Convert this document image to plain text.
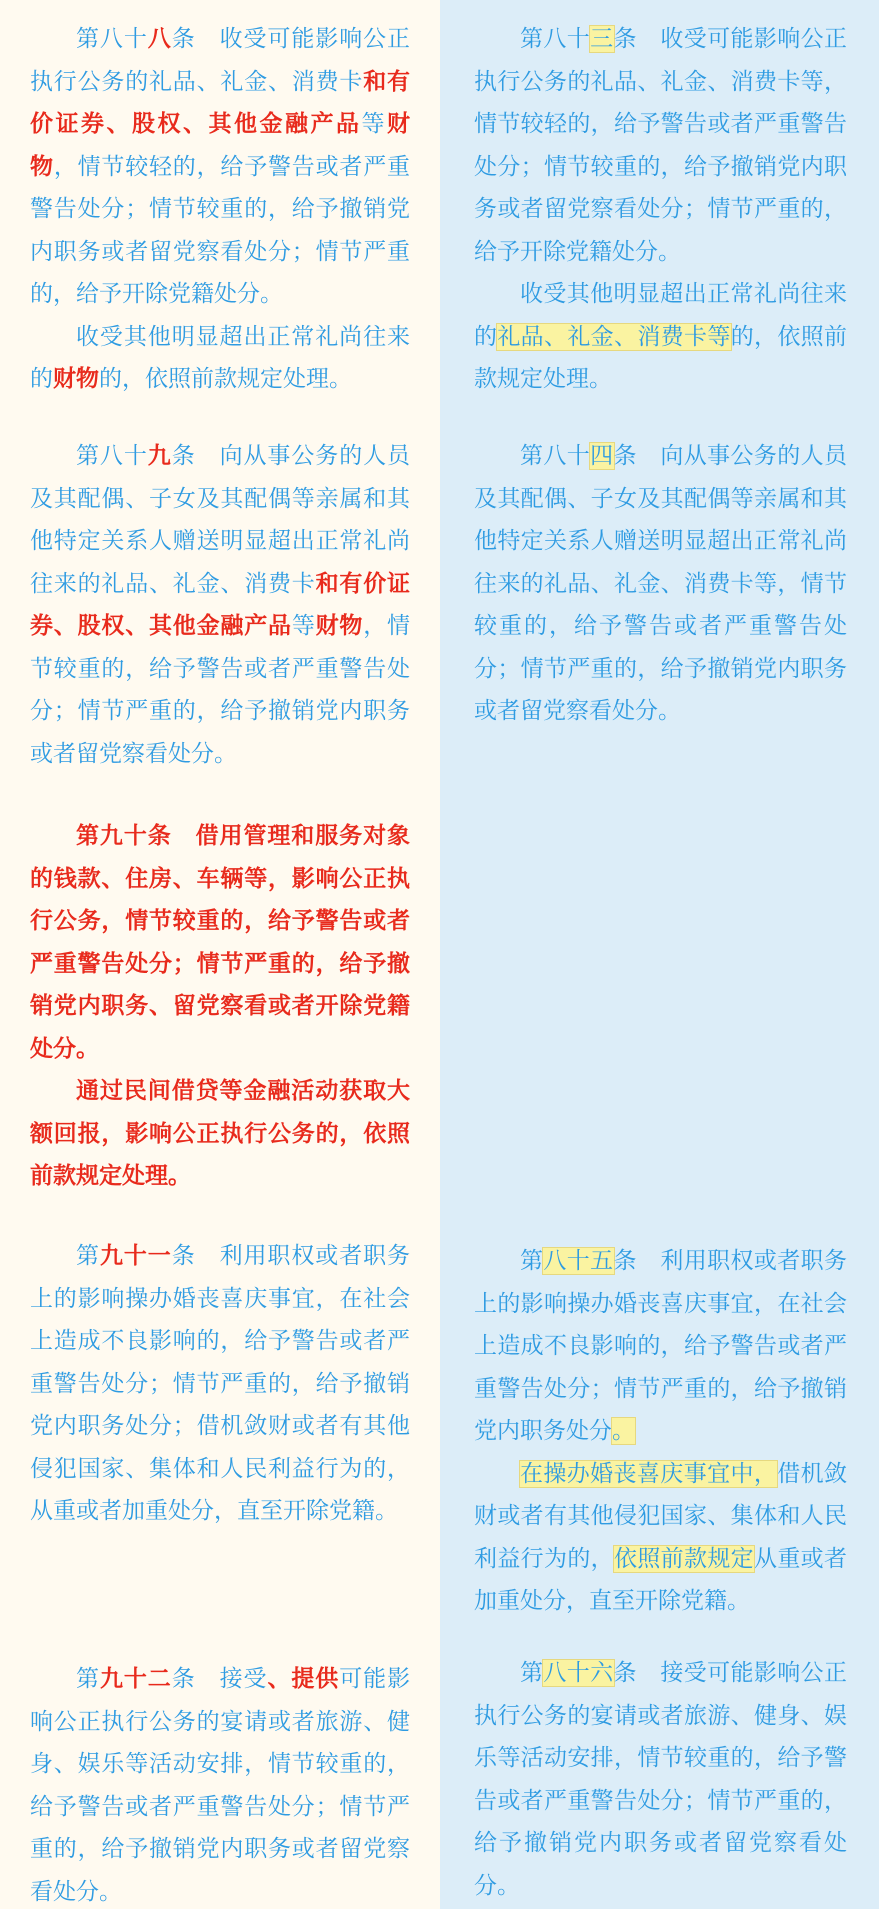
第八十八条　收受可能影响公正执行公务的礼品、礼金、消费卡和有价证券、股权、其他金融产品等财物，情节较轻的，给予警告或者严重警告处分；情节较重的，给予撤销党内职务或者留党察看处分；情节严重的，给予开除党籍处分。

收受其他明显超出正常礼尚往来的财物的，依照前款规定处理。

第八十九条　向从事公务的人员及其配偶、子女及其配偶等亲属和其他特定关系人赠送明显超出正常礼尚往来的礼品、礼金、消费卡和有价证券、股权、其他金融产品等财物，情节较重的，给予警告或者严重警告处分；情节严重的，给予撤销党内职务或者留党察看处分。

第九十条　借用管理和服务对象的钱款、住房、车辆等，影响公正执行公务，情节较重的，给予警告或者严重警告处分；情节严重的，给予撤销党内职务、留党察看或者开除党籍处分。

通过民间借贷等金融活动获取大额回报，影响公正执行公务的，依照前款规定处理。

第九十一条　利用职权或者职务上的影响操办婚丧喜庆事宜，在社会上造成不良影响的，给予警告或者严重警告处分；情节严重的，给予撤销党内职务处分；借机敛财或者有其他侵犯国家、集体和人民利益行为的，从重或者加重处分，直至开除党籍。

第九十二条　接受、提供可能影响公正执行公务的宴请或者旅游、健身、娱乐等活动安排，情节较重的，给予警告或者严重警告处分；情节严重的，给予撤销党内职务或者留党察看处分。

第八十三条　收受可能影响公正执行公务的礼品、礼金、消费卡等，情节较轻的，给予警告或者严重警告处分；情节较重的，给予撤销党内职务或者留党察看处分；情节严重的，给予开除党籍处分。

收受其他明显超出正常礼尚往来的礼品、礼金、消费卡等的，依照前款规定处理。

第八十四条　向从事公务的人员及其配偶、子女及其配偶等亲属和其他特定关系人赠送明显超出正常礼尚往来的礼品、礼金、消费卡等，情节较重的，给予警告或者严重警告处分；情节严重的，给予撤销党内职务或者留党察看处分。

第八十五条　利用职权或者职务上的影响操办婚丧喜庆事宜，在社会上造成不良影响的，给予警告或者严重警告处分；情节严重的，给予撤销党内职务处分。

在操办婚丧喜庆事宜中，借机敛财或者有其他侵犯国家、集体和人民利益行为的，依照前款规定从重或者加重处分，直至开除党籍。

第八十六条　接受可能影响公正执行公务的宴请或者旅游、健身、娱乐等活动安排，情节较重的，给予警告或者严重警告处分；情节严重的，给予撤销党内职务或者留党察看处分。
